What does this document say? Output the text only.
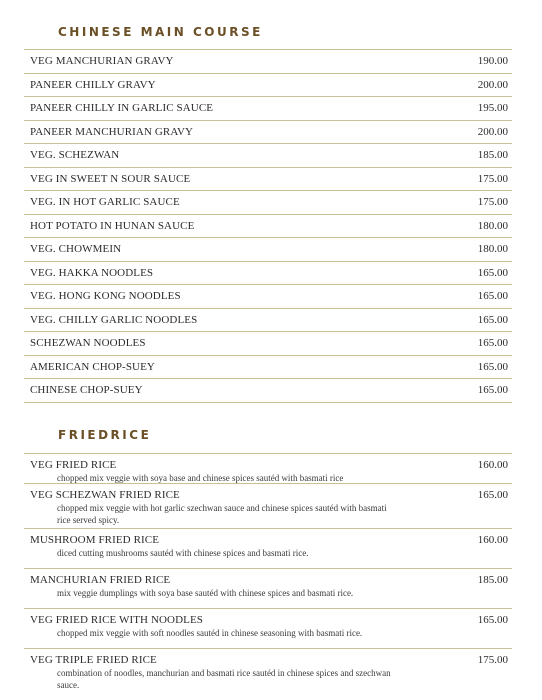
CHINESE MAIN COURSE
VEG MANCHURIAN GRAVY	190.00
PANEER CHILLY GRAVY	200.00
PANEER CHILLY IN GARLIC SAUCE	195.00
PANEER MANCHURIAN GRAVY	200.00
VEG. SCHEZWAN	185.00
VEG IN SWEET N SOUR SAUCE	175.00
VEG. IN HOT GARLIC SAUCE	175.00
HOT POTATO IN HUNAN SAUCE	180.00
VEG. CHOWMEIN	180.00
VEG. HAKKA NOODLES	165.00
VEG. HONG KONG NOODLES	165.00
VEG. CHILLY GARLIC NOODLES	165.00
SCHEZWAN NOODLES	165.00
AMERICAN CHOP-SUEY	165.00
CHINESE CHOP-SUEY	165.00
FRIEDRICE
VEG FRIED RICE	160.00
chopped mix veggie with soya base and chinese spices sautéd with basmati rice
VEG SCHEZWAN FRIED RICE	165.00
chopped mix veggie with hot garlic szechwan sauce and chinese spices sautéd with basmati rice served spicy.
MUSHROOM FRIED RICE	160.00
diced cutting mushrooms sautéd with chinese spices and basmati rice.
MANCHURIAN FRIED RICE	185.00
mix veggie dumplings with soya base sautéd with chinese spices and basmati rice.
VEG FRIED RICE WITH NOODLES	165.00
chopped mix veggie with soft noodles sautéd in chinese seasoning with basmati rice.
VEG TRIPLE FRIED RICE	175.00
combination of noodles, manchurian and basmati rice sautéd in chinese spices and szechwan sauce.
